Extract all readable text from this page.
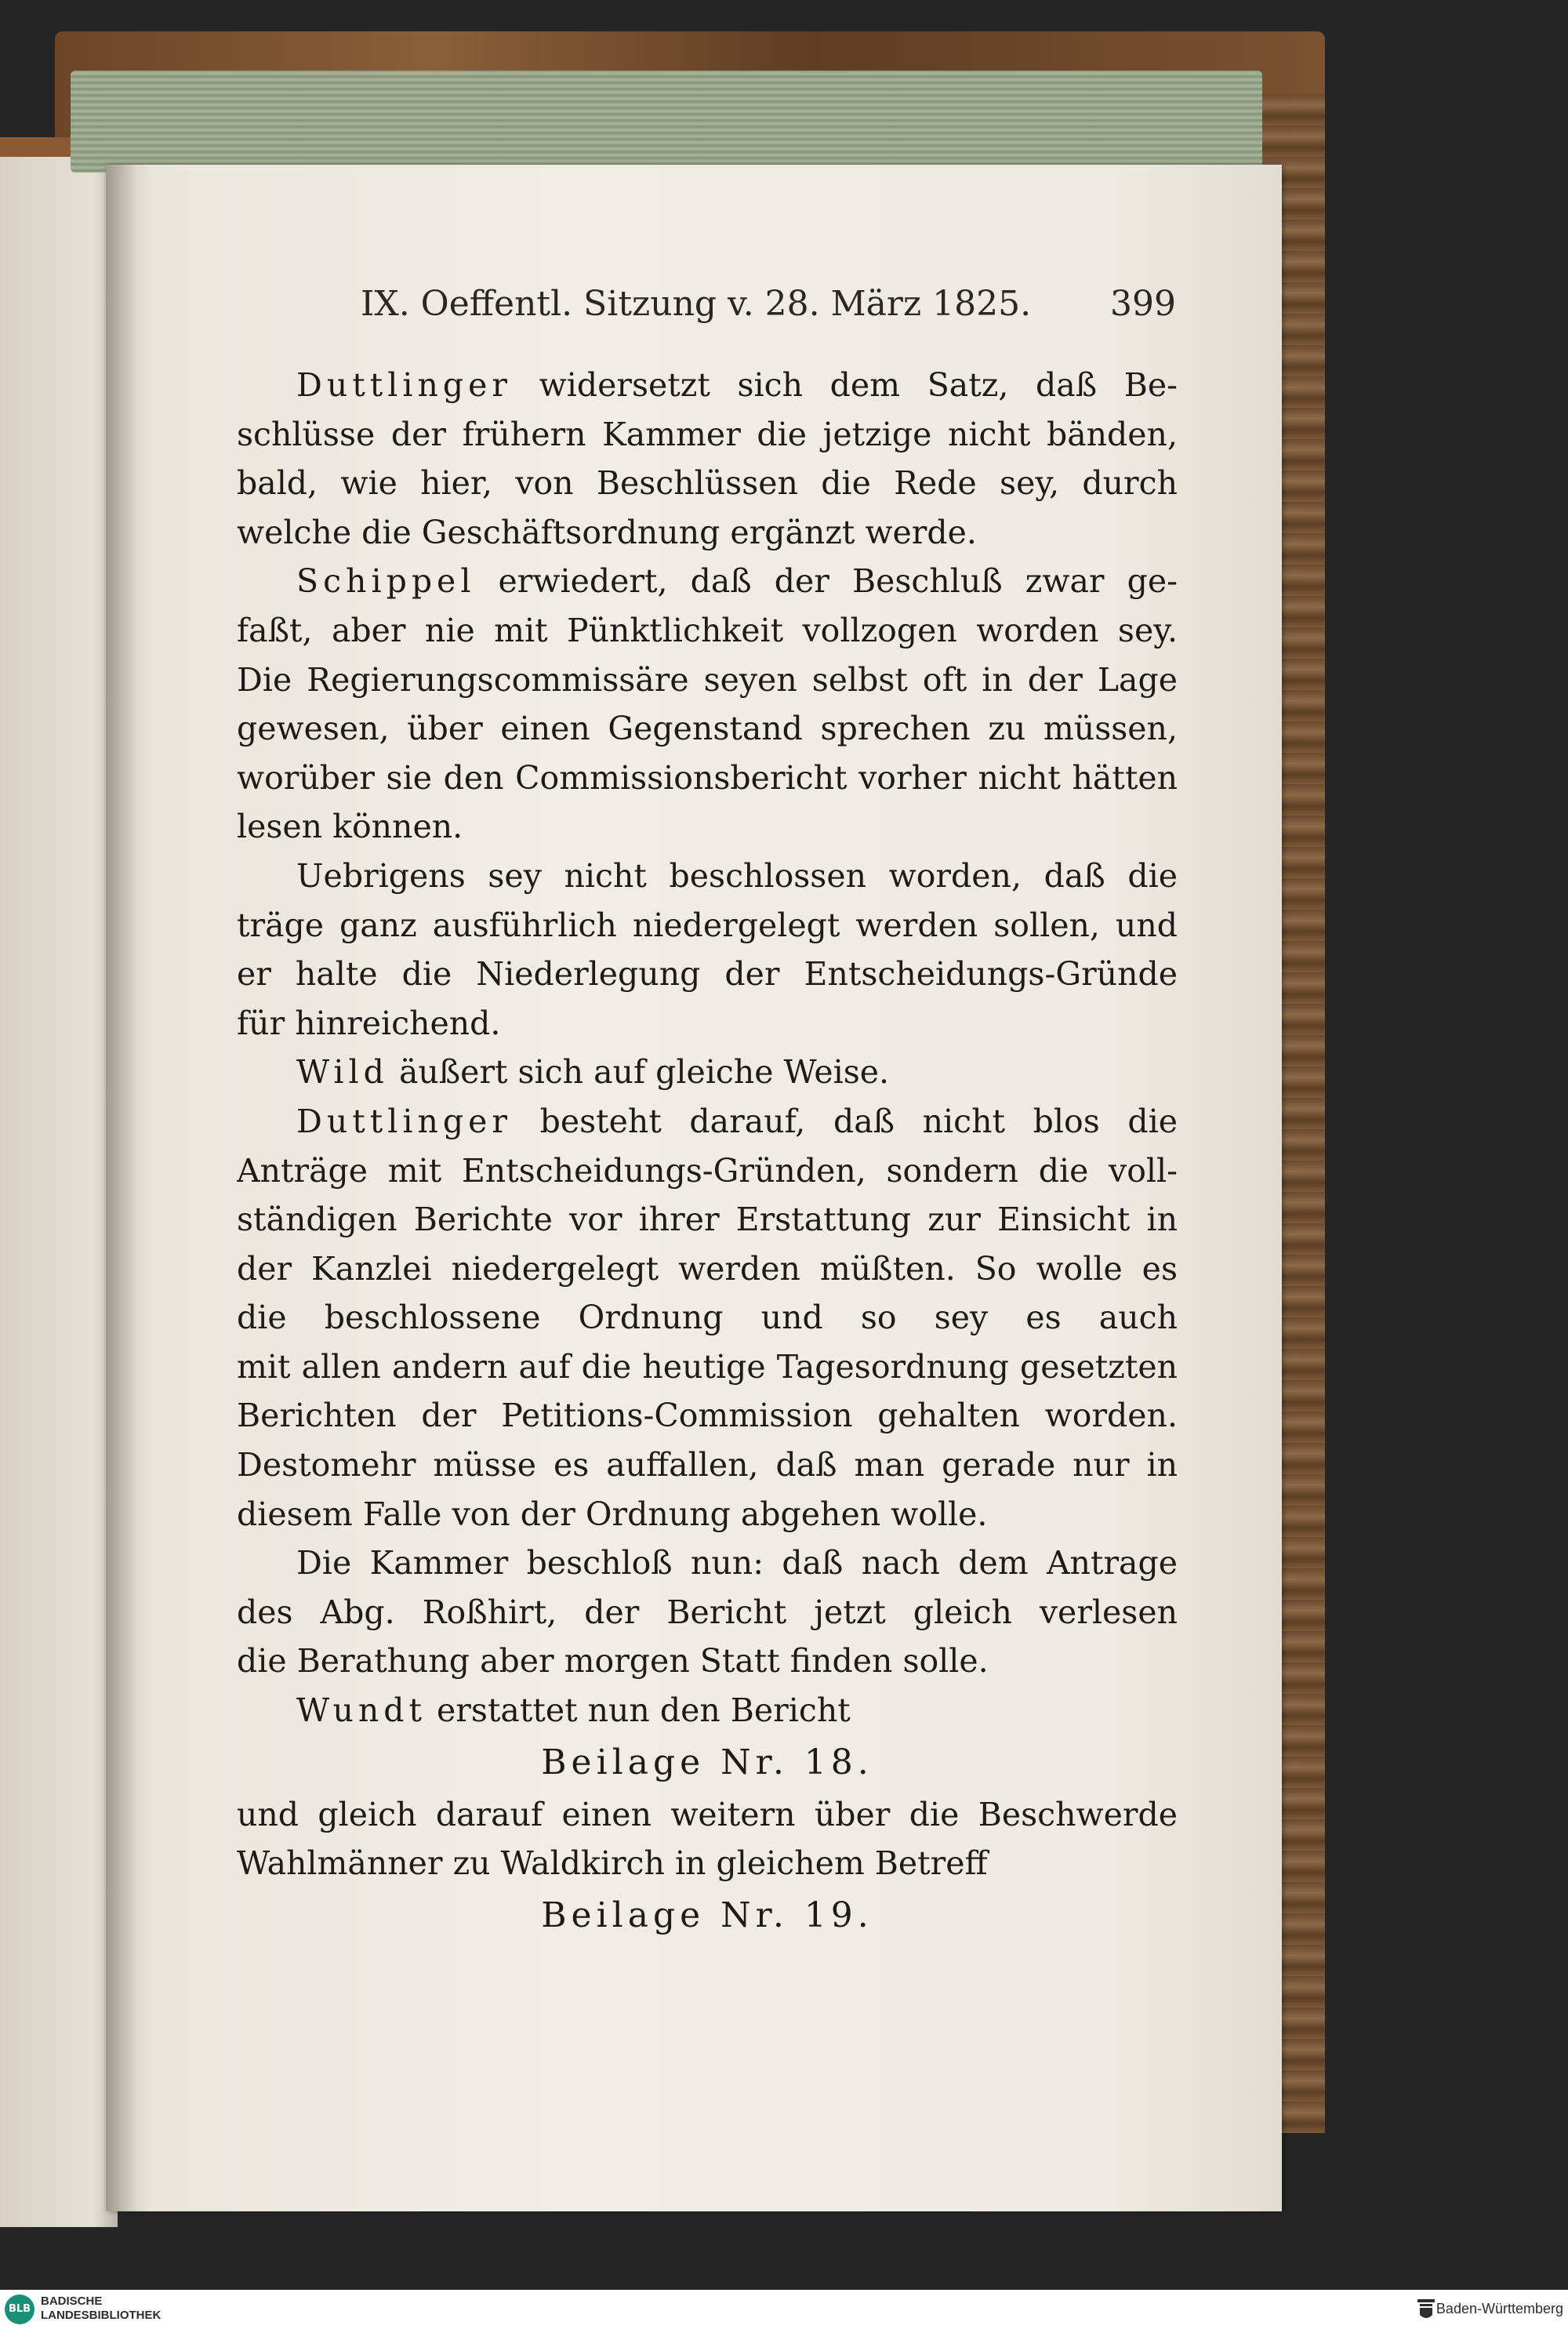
IX. Oeffentl. Sitzung v. 28. März 1825. 399
Duttlinger widersetzt sich dem Satz, daß Be-
schlüsse der frühern Kammer die jetzige nicht bänden,
bald, wie hier, von Beschlüssen die Rede sey, durch
welche die Geschäftsordnung ergänzt werde.
Schippel erwiedert, daß der Beschluß zwar ge-
faßt, aber nie mit Pünktlichkeit vollzogen worden sey.
Die Regierungscommissäre seyen selbst oft in der Lage
gewesen, über einen Gegenstand sprechen zu müssen,
worüber sie den Commissionsbericht vorher nicht hätten
lesen können.
Uebrigens sey nicht beschlossen worden, daß die
träge ganz ausführlich niedergelegt werden sollen, und
er halte die Niederlegung der Entscheidungs-Gründe
für hinreichend.
Wild äußert sich auf gleiche Weise.
Duttlinger besteht darauf, daß nicht blos die
Anträge mit Entscheidungs-Gründen, sondern die voll-
ständigen Berichte vor ihrer Erstattung zur Einsicht in
der Kanzlei niedergelegt werden müßten. So wolle es
die beschlossene Ordnung und so sey es auch
mit allen andern auf die heutige Tagesordnung gesetzten
Berichten der Petitions-Commission gehalten worden.
Destomehr müsse es auffallen, daß man gerade nur in
diesem Falle von der Ordnung abgehen wolle.
Die Kammer beschloß nun: daß nach dem Antrage
des Abg. Roßhirt, der Bericht jetzt gleich verlesen
die Berathung aber morgen Statt finden solle.
Wundt erstattet nun den Bericht
Beilage Nr. 18.
und gleich darauf einen weitern über die Beschwerde
Wahlmänner zu Waldkirch in gleichem Betreff
Beilage Nr. 19.
BLB
BADISCHE
LANDESBIBLIOTHEK	Baden-Württemberg
